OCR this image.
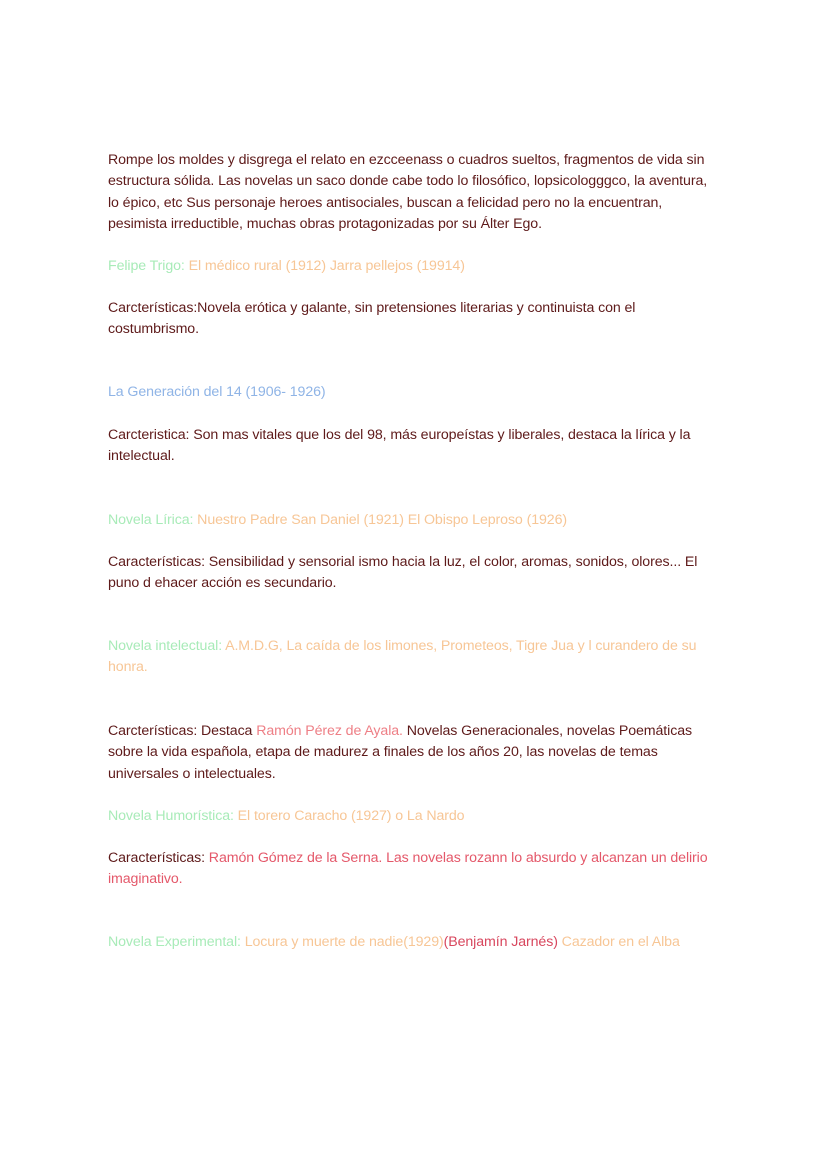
Rompe los moldes y disgrega el relato en ezcceenass o cuadros sueltos, fragmentos de vida sin estructura sólida. Las novelas un saco donde cabe todo lo filosófico, lopsicologggco, la aventura, lo épico, etc Sus personaje heroes antisociales, buscan a felicidad pero no la encuentran, pesimista irreductible, muchas obras protagonizadas por su Álter Ego.

Felipe Trigo: El médico rural (1912) Jarra pellejos (19914)

Carcterísticas:Novela erótica y galante, sin pretensiones literarias y continuista con el costumbrismo.

La Generación del 14 (1906- 1926)

Carcteristica: Son mas vitales que los del 98, más europeístas y liberales, destaca la lírica y la intelectual.

Novela Lírica: Nuestro Padre San Daniel (1921) El Obispo Leproso (1926)

Características: Sensibilidad y sensorial ismo hacia la luz, el color, aromas, sonidos, olores... El puno d ehacer acción es secundario.

Novela intelectual: A.M.D.G, La caída de los limones, Prometeos, Tigre Jua y l curandero de su honra.

Carcterísticas: Destaca Ramón Pérez de Ayala. Novelas Generacionales, novelas Poemáticas sobre la vida española, etapa de madurez a finales de los años 20, las novelas de temas universales o intelectuales.

Novela Humorística: El torero Caracho (1927) o La Nardo

Características: Ramón Gómez de la Serna. Las novelas rozann lo absurdo y alcanzan un delirio imaginativo.

Novela Experimental: Locura y muerte de nadie(1929)(Benjamín Jarnés) Cazador en el Alba
